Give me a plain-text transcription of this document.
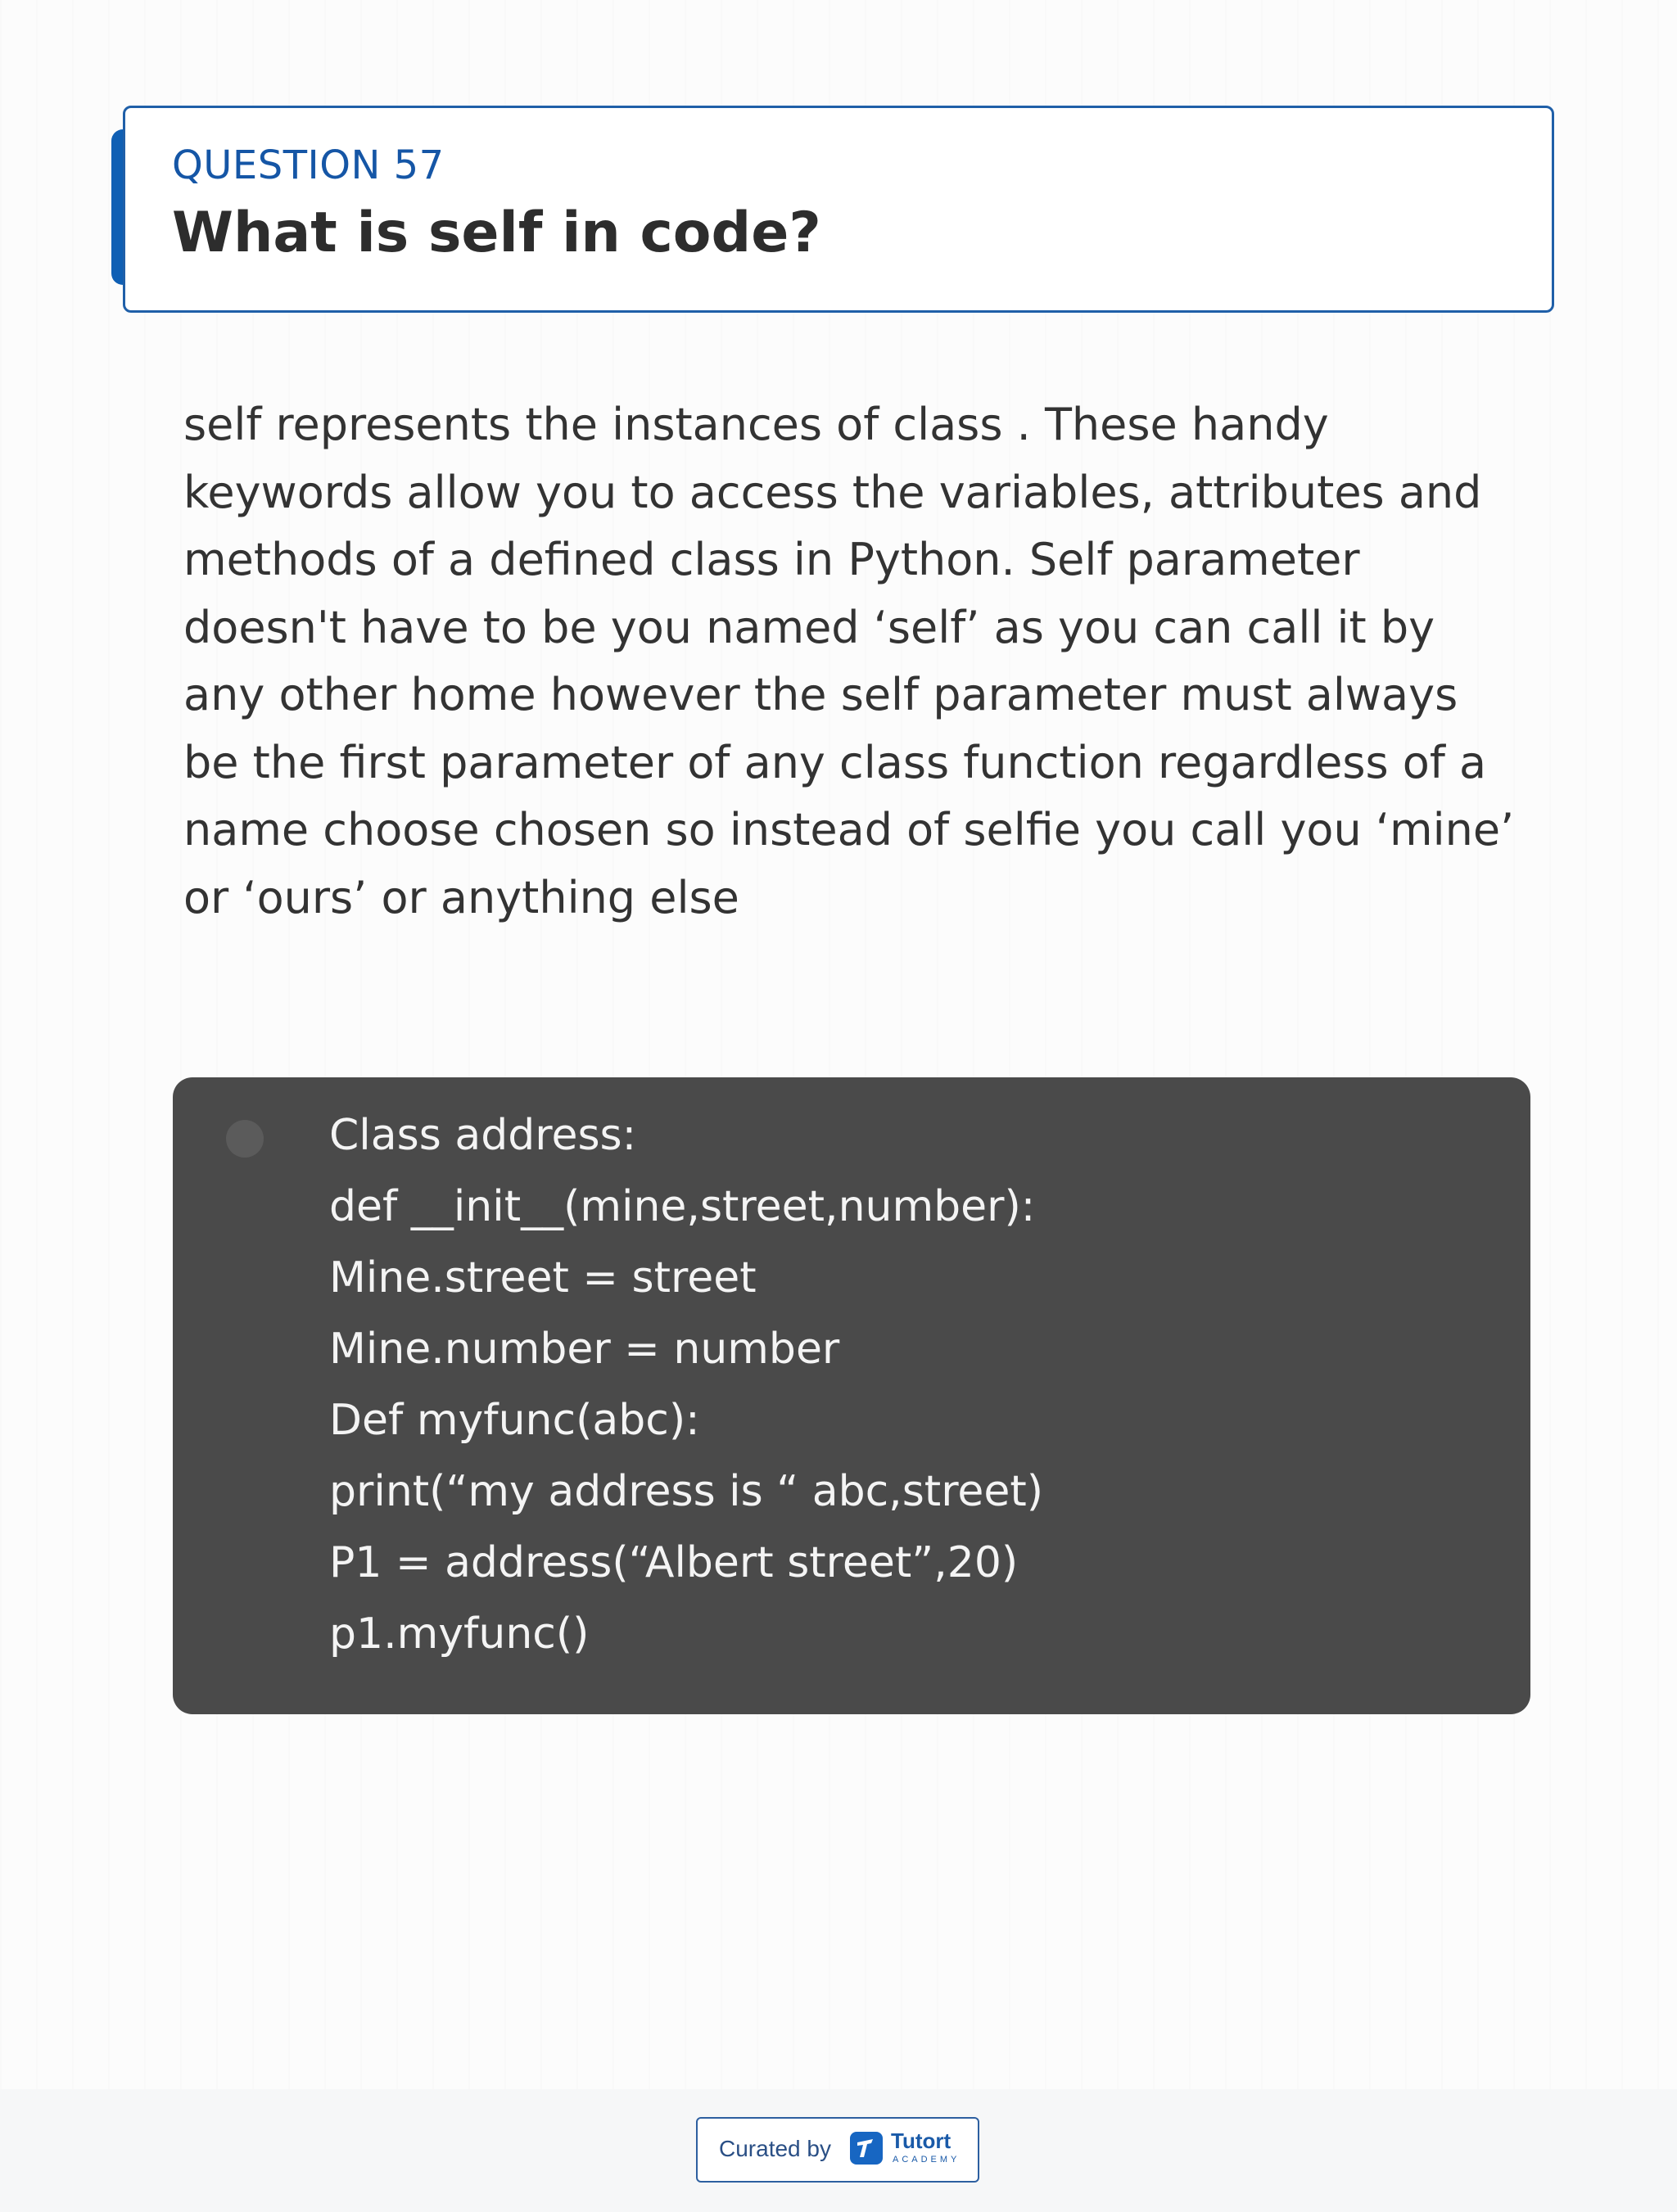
QUESTION 57
What is self in code?

self represents the instances of class . These handy keywords allow you to access the variables, attributes and methods of a defined class in Python. Self parameter doesn't have to be you named ‘self’ as you can call it by any other home however the self parameter must always be the first parameter of any class function regardless of a name choose chosen so instead of selfie you call you ‘mine’ or ‘ours’ or anything else

Class address:
def __init__(mine,street,number):
Mine.street = street
Mine.number = number
Def myfunc(abc):
print(“my address is “ abc,street)
P1 = address(“Albert street”,20)
p1.myfunc()
Curated by	Tutort
ACADEMY
